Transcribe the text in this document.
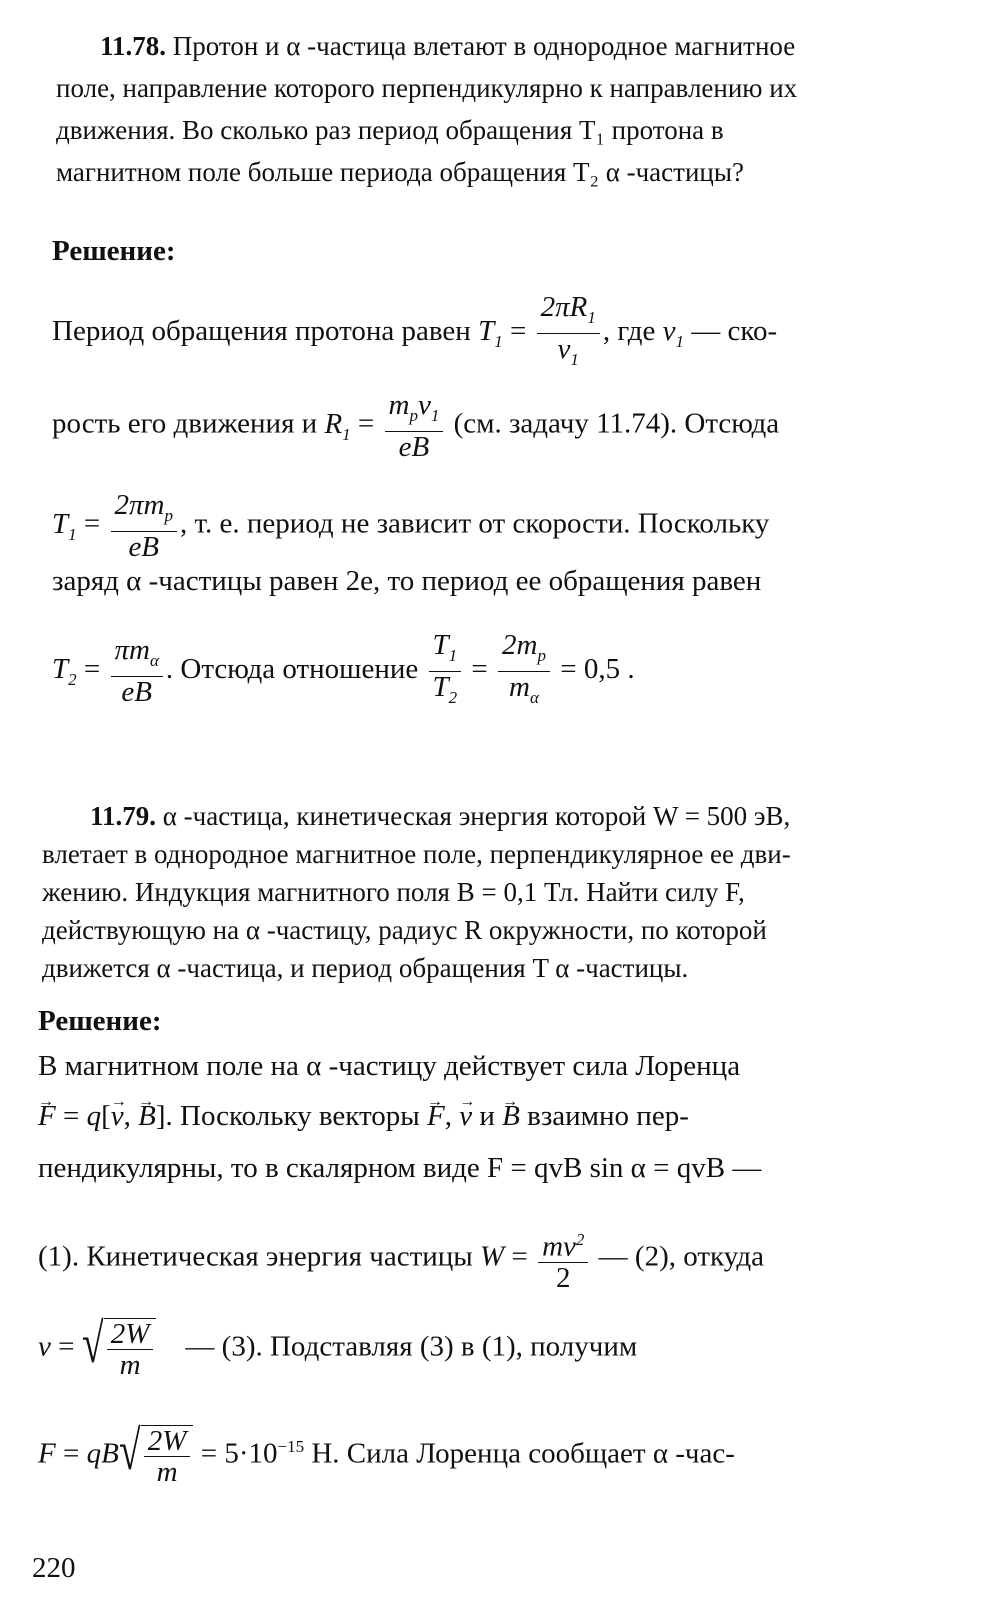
11.78. Протон и α -частица влетают в однородное магнитное
поле, направление которого перпендикулярно к направлению их
движения. Во сколько раз период обращения T₁ протона в
магнитном поле больше периода обращения T₂ α -частицы?
Решение:
Период обращения протона равен $T_1 = \frac{2\pi R_1}{v_1}$ , где $v_1$ — ско-
рость его движения и $R_1 = \frac{m_pv_1}{eB} (см$. задачу 11.74). Отсюда
$T_1 = \frac{2\pi m_p}{eB}$ , т. е. период не зависит от скорости. Поскольку
заряд α -частицы равен 2e, то период ее обращения равен
$T_2 = \frac{\pi m_\alpha}{eB}$ . Отсюда отношение $\frac{T_1}{T_2} = \frac{2m_p}{m_\alpha} = 0,5$ .
11.79. α -частица, кинетическая энергия которой W = 500 эВ,
влетает в однородное магнитное поле, перпендикулярное ее дви-
жению. Индукция магнитного поля B = 0,1 Тл. Найти силу F,
действующую на α -частицу, радиус R окружности, по которой
движется α -частица, и период обращения T α -частицы.
Решение:
В магнитном поле на α -частицу действует сила Лоренца
→ F = q[→ v, → B]. Поскольку векторы → F, → v и → B взаимно пер-
пендикулярны, то в скалярном виде F = qvB sin α = qvB —
(1). Кинетическая энергия частицы $W = \frac{mv^2}{2}$ — (2), откуда
v = √ $\frac{2W}{m}$ — (3). Подставляя (3) в (1), получим
F = qB √ $\frac{2W}{m} = 5\cdot 10^{-15}$ Н. Сила Лоренца сообщает α -час-
220
